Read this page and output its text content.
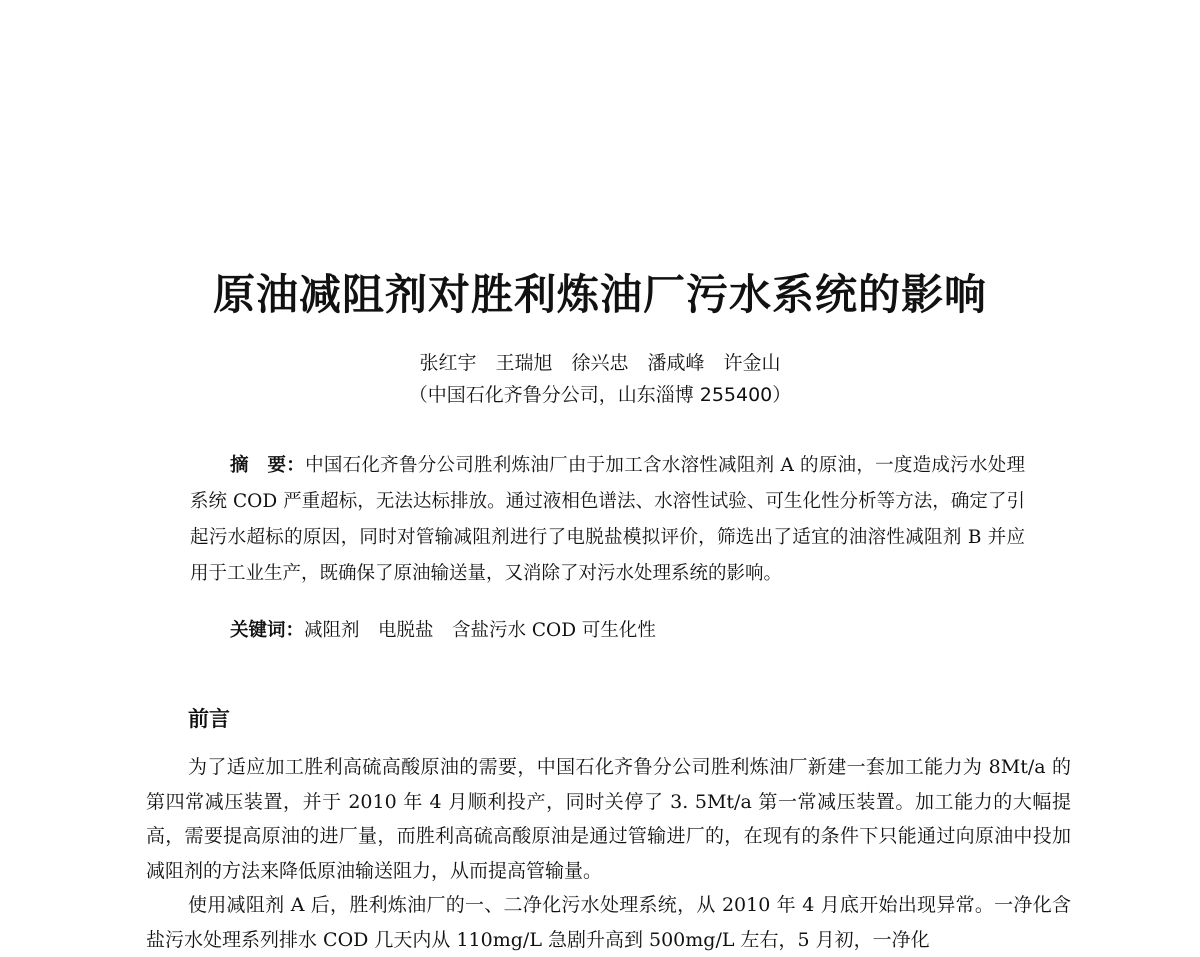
原油减阻剂对胜利炼油厂污水系统的影响
张红宇　王瑞旭　徐兴忠　潘咸峰　许金山
（中国石化齐鲁分公司，山东淄博 255400）
摘　要：中国石化齐鲁分公司胜利炼油厂由于加工含水溶性减阻剂 A 的原油，一度造成污水处理系统 COD 严重超标，无法达标排放。通过液相色谱法、水溶性试验、可生化性分析等方法，确定了引起污水超标的原因，同时对管输减阻剂进行了电脱盐模拟评价，筛选出了适宜的油溶性减阻剂 B 并应用于工业生产，既确保了原油输送量，又消除了对污水处理系统的影响。
关键词：减阻剂　电脱盐　含盐污水 COD 可生化性
前言

为了适应加工胜利高硫高酸原油的需要，中国石化齐鲁分公司胜利炼油厂新建一套加工能力为 8Mt/a 的第四常减压装置，并于 2010 年 4 月顺利投产，同时关停了 3. 5Mt/a 第一常减压装置。加工能力的大幅提高，需要提高原油的进厂量，而胜利高硫高酸原油是通过管输进厂的，在现有的条件下只能通过向原油中投加减阻剂的方法来降低原油输送阻力，从而提高管输量。

使用减阻剂 A 后，胜利炼油厂的一、二净化污水处理系统，从 2010 年 4 月底开始出现异常。一净化含盐污水处理系列排水 COD 几天内从 110mg/L 急剧升高到 500mg/L 左右，5 月初，一净化
